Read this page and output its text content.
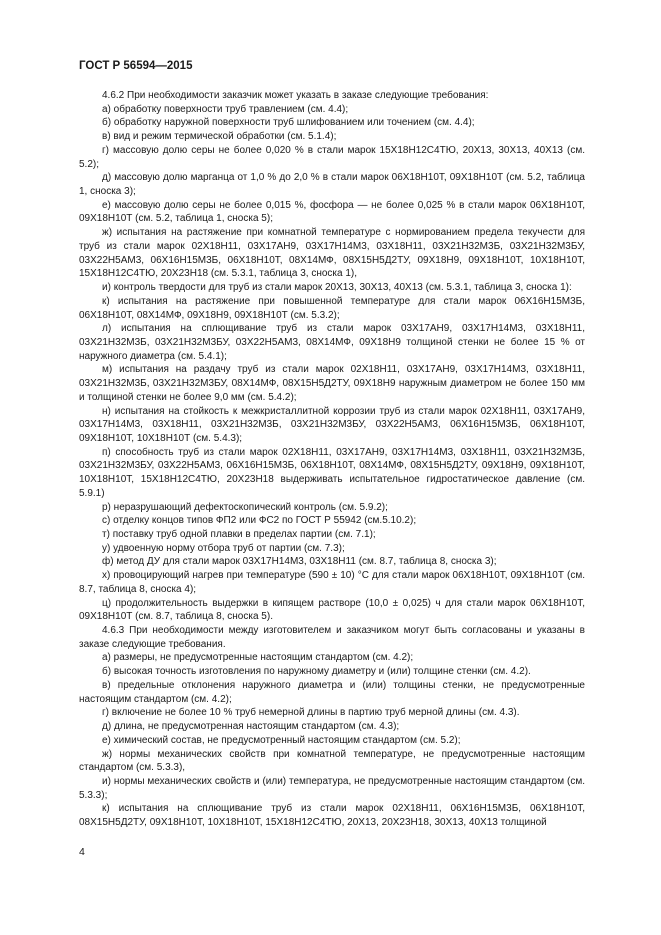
ГОСТ Р 56594—2015

4.6.2 При необходимости заказчик может указать в заказе следующие требования:

а) обработку поверхности труб травлением (см. 4.4);

б) обработку наружной поверхности труб шлифованием или точением (см. 4.4);

в) вид и режим термической обработки (см. 5.1.4);

г) массовую долю серы не более 0,020 % в стали марок 15Х18Н12С4ТЮ, 20Х13, 30Х13, 40Х13 (см. 5.2);

д) массовую долю марганца от 1,0 % до 2,0 % в стали марок 06Х18Н10Т, 09Х18Н10Т (см. 5.2, таблица 1, сноска 3);

е) массовую долю серы не более 0,015 %, фосфора — не более 0,025 % в стали марок 06Х18Н10Т, 09Х18Н10Т (см. 5.2, таблица 1, сноска 5);

ж) испытания на растяжение при комнатной температуре с нормированием предела текучести для труб из стали марок 02Х18Н11, 03Х17АН9, 03Х17Н14М3, 03Х18Н11, 03Х21Н32М3Б, 03Х21Н32М3БУ, 03Х22Н5АМ3, 06Х16Н15М3Б, 06Х18Н10Т, 08Х14МФ, 08Х15Н5Д2ТУ, 09Х18Н9, 09Х18Н10Т, 10Х18Н10Т, 15Х18Н12С4ТЮ, 20Х23Н18 (см. 5.3.1, таблица 3, сноска 1),

и) контроль твердости для труб из стали марок 20Х13, 30Х13, 40Х13 (см. 5.3.1, таблица 3, сноска 1):

к) испытания на растяжение при повышенной температуре для стали марок 06Х16Н15М3Б, 06Х18Н10Т, 08Х14МФ, 09Х18Н9, 09Х18Н10Т (см. 5.3.2);

л) испытания на сплющивание труб из стали марок 03Х17АН9, 03Х17Н14М3, 03Х18Н11, 03Х21Н32М3Б, 03Х21Н32М3БУ, 03Х22Н5АМ3, 08Х14МФ, 09Х18Н9 толщиной стенки не более 15 % от наружного диаметра (см. 5.4.1);

м) испытания на раздачу труб из стали марок 02Х18Н11, 03Х17АН9, 03Х17Н14М3, 03Х18Н11, 03Х21Н32М3Б, 03Х21Н32М3БУ, 08Х14МФ, 08Х15Н5Д2ТУ, 09Х18Н9 наружным диаметром не более 150 мм и толщиной стенки не более 9,0 мм (см. 5.4.2);

н) испытания на стойкость к межкристаллитной коррозии труб из стали марок 02Х18Н11, 03Х17АН9, 03Х17Н14М3, 03Х18Н11, 03Х21Н32М3Б, 03Х21Н32М3БУ, 03Х22Н5АМ3, 06Х16Н15М3Б, 06Х18Н10Т, 09Х18Н10Т, 10Х18Н10Т (см. 5.4.3);

п) способность труб из стали марок 02Х18Н11, 03Х17АН9, 03Х17Н14М3, 03Х18Н11, 03Х21Н32М3Б, 03Х21Н32М3БУ, 03Х22Н5АМ3, 06Х16Н15М3Б, 06Х18Н10Т, 08Х14МФ, 08Х15Н5Д2ТУ, 09Х18Н9, 09Х18Н10Т, 10Х18Н10Т, 15Х18Н12С4ТЮ, 20Х23Н18 выдерживать испытательное гидростатическое давление (см. 5.9.1)

р) неразрушающий дефектоскопический контроль (см. 5.9.2);

с) отделку концов типов ФП2 или ФС2 по ГОСТ Р 55942 (см.5.10.2);

т) поставку труб одной плавки в пределах партии (см. 7.1);

у) удвоенную норму отбора труб от партии (см. 7.3);

ф) метод ДУ для стали марок 03Х17Н14М3, 03Х18Н11 (см. 8.7, таблица 8, сноска 3);

х) провоцирующий нагрев при температуре (590 ± 10) °С для стали марок 06Х18Н10Т, 09Х18Н10Т (см. 8.7, таблица 8, сноска 4);

ц) продолжительность выдержки в кипящем растворе (10,0 ± 0,025) ч для стали марок 06Х18Н10Т, 09Х18Н10Т (см. 8.7, таблица 8, сноска 5).

4.6.3 При необходимости между изготовителем и заказчиком могут быть согласованы и указаны в заказе следующие требования.

а) размеры, не предусмотренные настоящим стандартом (см. 4.2);

б) высокая точность изготовления по наружному диаметру и (или) толщине стенки (см. 4.2).

в) предельные отклонения наружного диаметра и (или) толщины стенки, не предусмотренные настоящим стандартом (см. 4.2);

г) включение не более 10 % труб немерной длины в партию труб мерной длины (см. 4.3).

д) длина, не предусмотренная настоящим стандартом (см. 4.3);

е) химический состав, не предусмотренный настоящим стандартом (см. 5.2);

ж) нормы механических свойств при комнатной температуре, не предусмотренные настоящим стандартом (см. 5.3.3),

и) нормы механических свойств и (или) температура, не предусмотренные настоящим стандартом (см. 5.3.3);

к) испытания на сплющивание труб из стали марок 02Х18Н11, 06Х16Н15М3Б, 06Х18Н10Т, 08Х15Н5Д2ТУ, 09Х18Н10Т, 10Х18Н10Т, 15Х18Н12С4ТЮ, 20Х13, 20Х23Н18, 30Х13, 40Х13 толщиной

4
